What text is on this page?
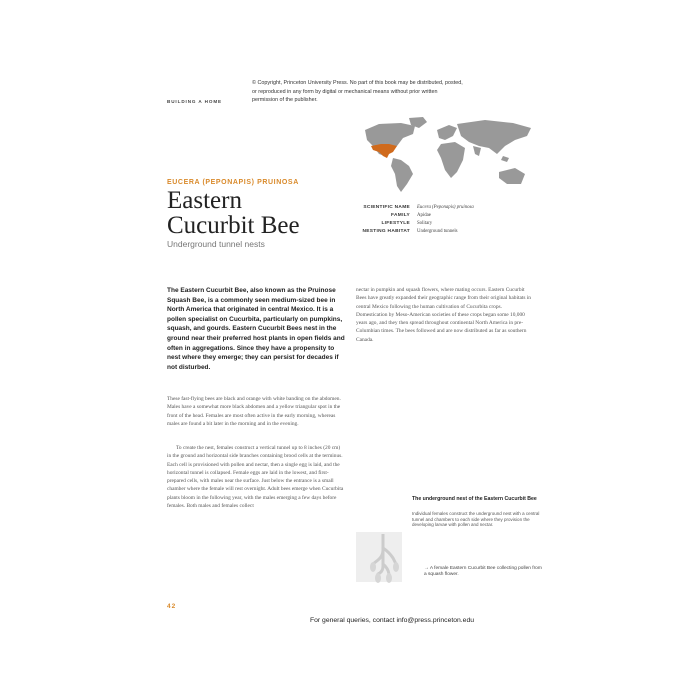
© Copyright, Princeton University Press. No part of this book may be distributed, posted, or reproduced in any form by digital or mechanical means without prior written permission of the publisher.
BUILDING A HOME
EUCERA (PEPONAPIS) PRUINOSA
Eastern
Cucurbit Bee
Underground tunnel nests
SCIENTIFIC NAME	Eucera (Peponapis) pruinosa
FAMILY	Apidae
LIFESTYLE	Solitary
NESTING HABITAT	Underground tunnels

The Eastern Cucurbit Bee, also known as the Pruinose Squash Bee, is a commonly seen medium-sized bee in North America that originated in central Mexico. It is a pollen specialist on Cucurbita, particularly on pumpkins, squash, and gourds. Eastern Cucurbit Bees nest in the ground near their preferred host plants in open fields and often in aggregations. Since they have a propensity to nest where they emerge; they can persist for decades if not disturbed.

These fast-flying bees are black and orange with white banding on the abdomen. Males have a somewhat more black abdomen and a yellow triangular spot in the front of the head. Females are most often active in the early morning, whereas males are found a bit later in the morning and in the evening.

To create the nest, females construct a vertical tunnel up to 8 inches (20 cm) in the ground and horizontal side branches containing brood cells at the terminus. Each cell is provisioned with pollen and nectar, then a single egg is laid, and the horizontal tunnel is collapsed. Female eggs are laid in the lowest, and first-prepared cells, with males near the surface. Just below the entrance is a small chamber where the female will rest overnight. Adult bees emerge when Cucurbita plants bloom in the following year, with the males emerging a few days before females. Both males and females collect

nectar in pumpkin and squash flowers, where mating occurs. Eastern Cucurbit Bees have greatly expanded their geographic range from their original habitats in central Mexico following the human cultivation of Cucurbita crops. Domestication by Meso-American societies of these crops began some 10,000 years ago, and they then spread throughout continental North America in pre-Columbian times. The bees followed and are now distributed as far as southern Canada.

The underground nest of the Eastern Cucurbit Bee
Individual females construct the underground nest with a central tunnel and chambers to each side where they provision the developing larvae with pollen and nectar.
→ A female Eastern Cucurbit Bee collecting pollen from a squash flower.
42
For general queries, contact info@press.princeton.edu
